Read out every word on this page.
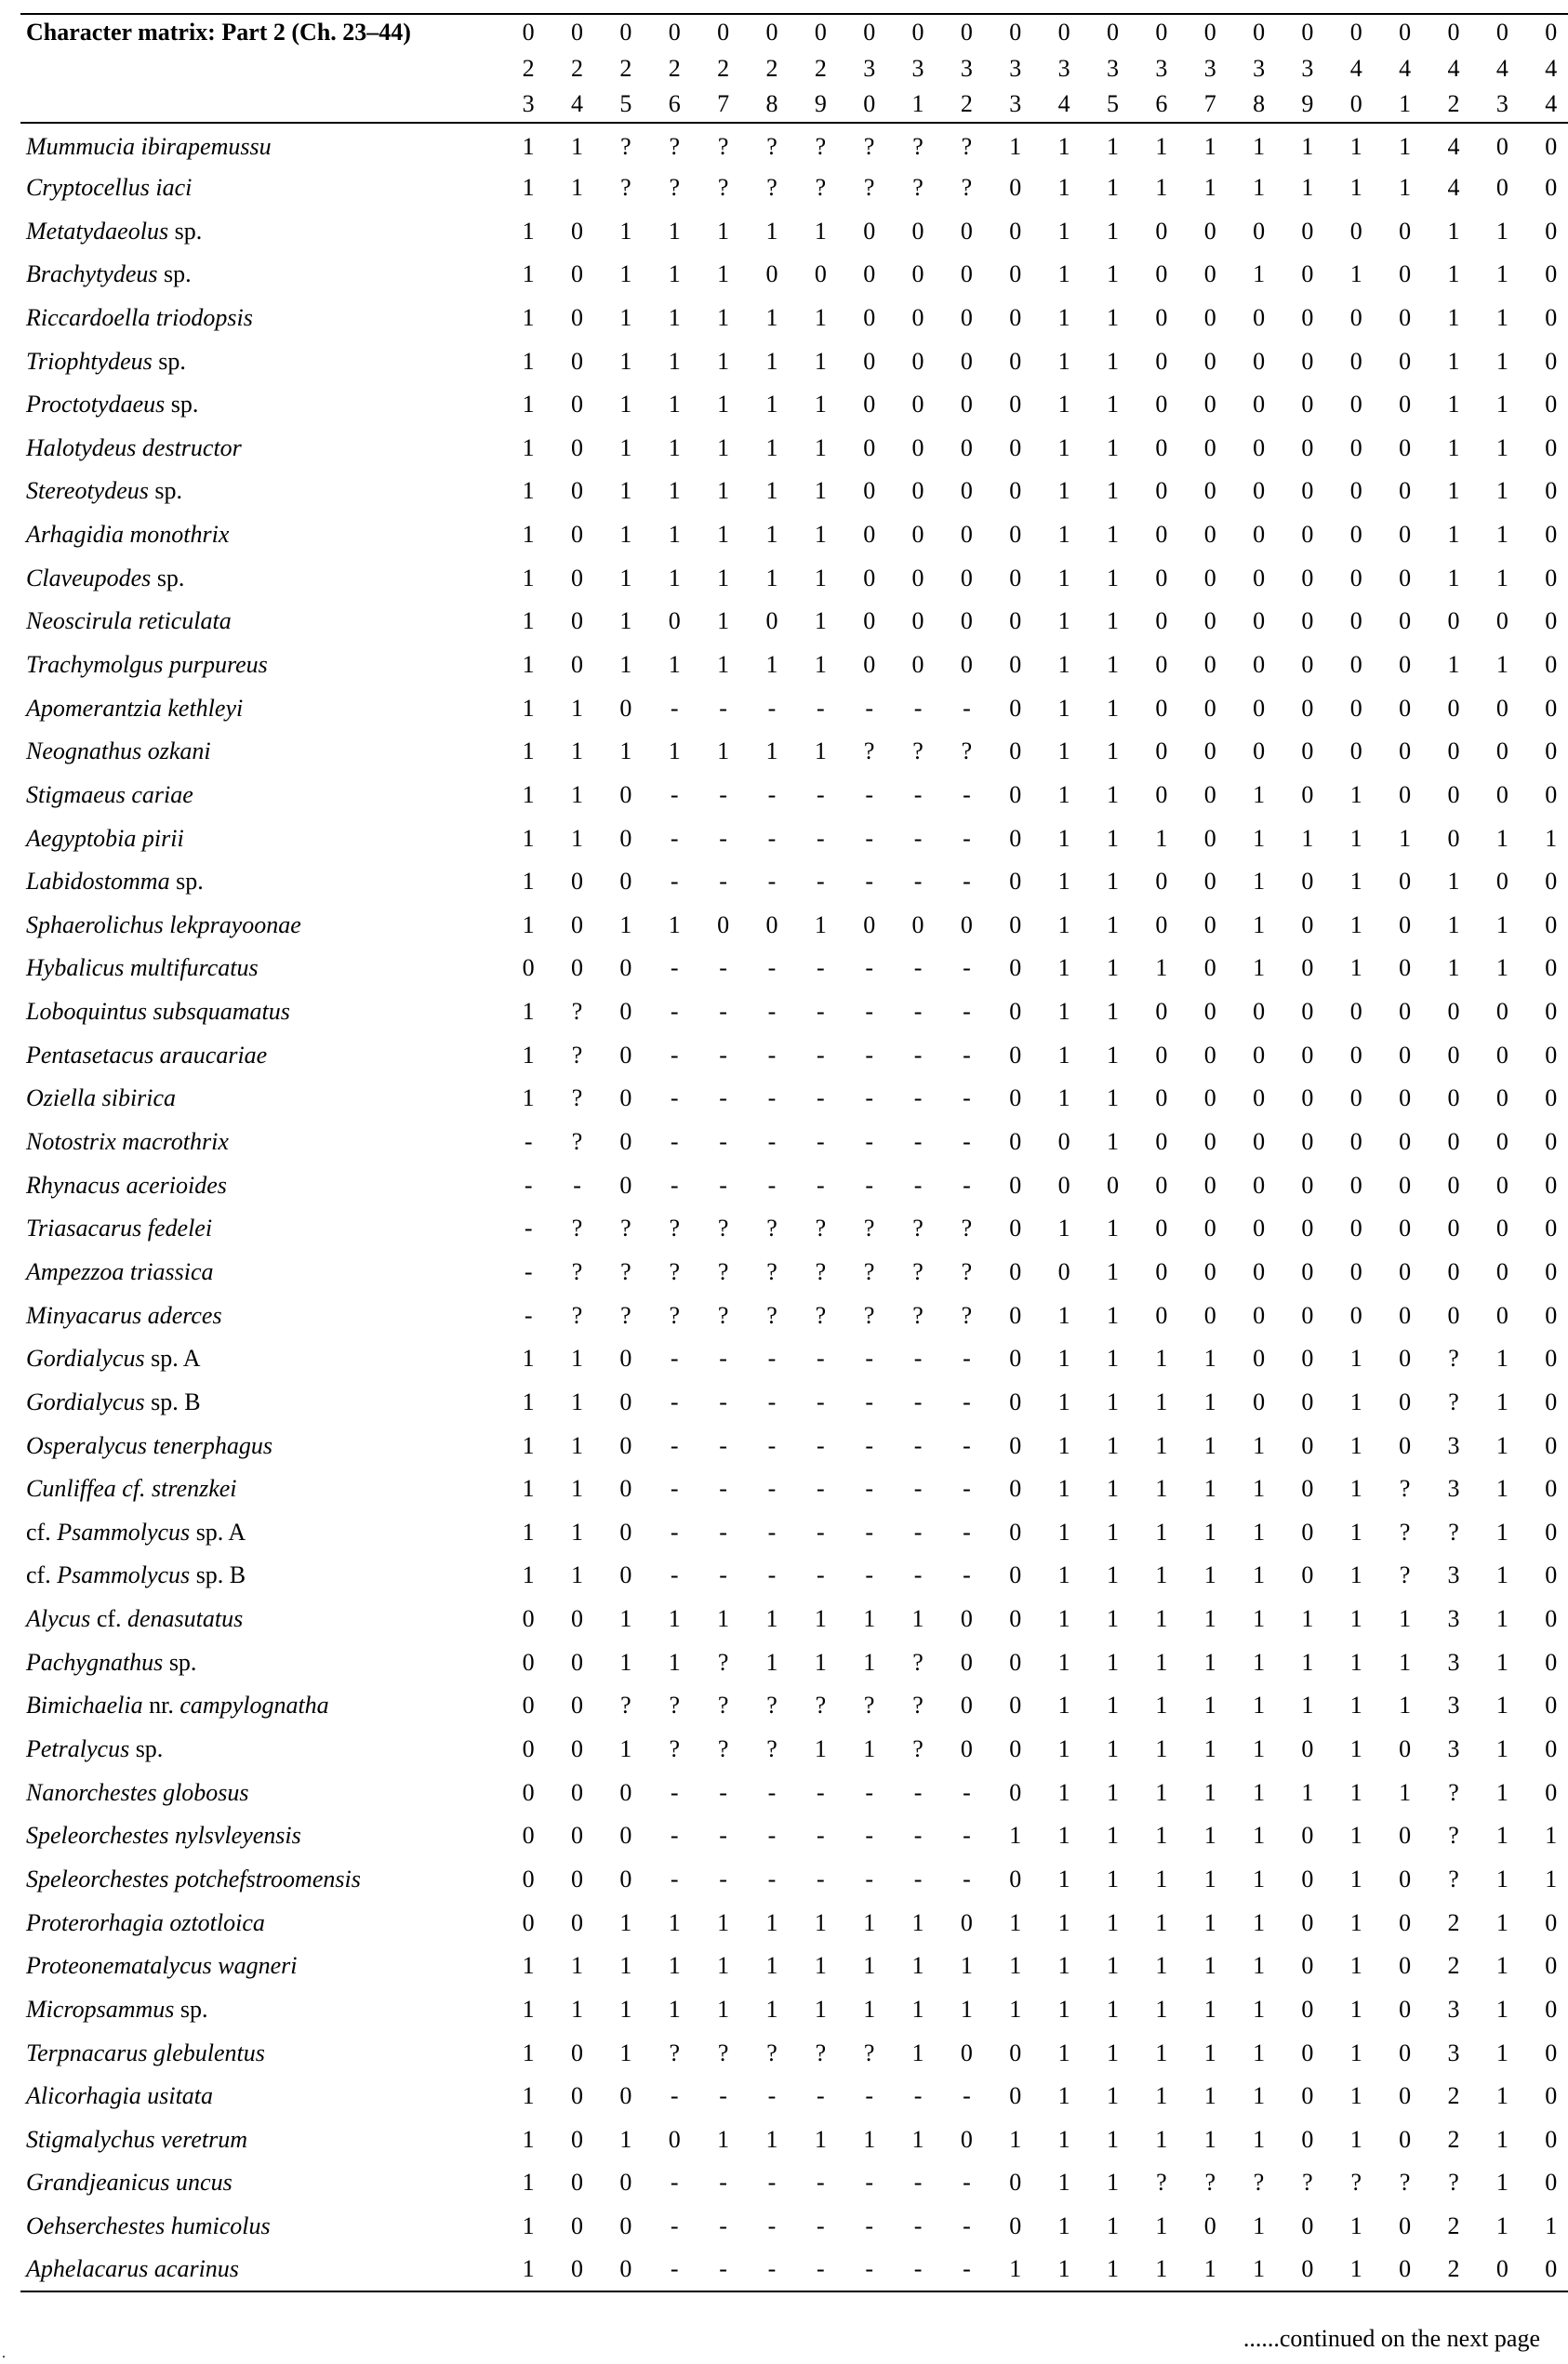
Character matrix: Part 2 (Ch. 23–44)	0	0	0	0	0	0	0	0	0	0	0	0	0	0	0	0	0	0	0	0	0	0
	2	2	2	2	2	2	2	3	3	3	3	3	3	3	3	3	3	4	4	4	4	4
	3	4	5	6	7	8	9	0	1	2	3	4	5	6	7	8	9	0	1	2	3	4
Mummucia ibirapemussu	1	1	?	?	?	?	?	?	?	?	1	1	1	1	1	1	1	1	1	4	0	0
Cryptocellus iaci	1	1	?	?	?	?	?	?	?	?	0	1	1	1	1	1	1	1	1	4	0	0
Metatydaeolus sp.	1	0	1	1	1	1	1	0	0	0	0	1	1	0	0	0	0	0	0	1	1	0
Brachytydeus sp.	1	0	1	1	1	0	0	0	0	0	0	1	1	0	0	1	0	1	0	1	1	0
Riccardoella triodopsis	1	0	1	1	1	1	1	0	0	0	0	1	1	0	0	0	0	0	0	1	1	0
Triophtydeus sp.	1	0	1	1	1	1	1	0	0	0	0	1	1	0	0	0	0	0	0	1	1	0
Proctotydaeus sp.	1	0	1	1	1	1	1	0	0	0	0	1	1	0	0	0	0	0	0	1	1	0
Halotydeus destructor	1	0	1	1	1	1	1	0	0	0	0	1	1	0	0	0	0	0	0	1	1	0
Stereotydeus sp.	1	0	1	1	1	1	1	0	0	0	0	1	1	0	0	0	0	0	0	1	1	0
Arhagidia monothrix	1	0	1	1	1	1	1	0	0	0	0	1	1	0	0	0	0	0	0	1	1	0
Claveupodes sp.	1	0	1	1	1	1	1	0	0	0	0	1	1	0	0	0	0	0	0	1	1	0
Neoscirula reticulata	1	0	1	0	1	0	1	0	0	0	0	1	1	0	0	0	0	0	0	0	0	0
Trachymolgus purpureus	1	0	1	1	1	1	1	0	0	0	0	1	1	0	0	0	0	0	0	1	1	0
Apomerantzia kethleyi	1	1	0	-	-	-	-	-	-	-	0	1	1	0	0	0	0	0	0	0	0	0
Neognathus ozkani	1	1	1	1	1	1	1	?	?	?	0	1	1	0	0	0	0	0	0	0	0	0
Stigmaeus cariae	1	1	0	-	-	-	-	-	-	-	0	1	1	0	0	1	0	1	0	0	0	0
Aegyptobia pirii	1	1	0	-	-	-	-	-	-	-	0	1	1	1	0	1	1	1	1	0	1	1
Labidostomma sp.	1	0	0	-	-	-	-	-	-	-	0	1	1	0	0	1	0	1	0	1	0	0
Sphaerolichus lekprayoonae	1	0	1	1	0	0	1	0	0	0	0	1	1	0	0	1	0	1	0	1	1	0
Hybalicus multifurcatus	0	0	0	-	-	-	-	-	-	-	0	1	1	1	0	1	0	1	0	1	1	0
Loboquintus subsquamatus	1	?	0	-	-	-	-	-	-	-	0	1	1	0	0	0	0	0	0	0	0	0
Pentasetacus araucariae	1	?	0	-	-	-	-	-	-	-	0	1	1	0	0	0	0	0	0	0	0	0
Oziella sibirica	1	?	0	-	-	-	-	-	-	-	0	1	1	0	0	0	0	0	0	0	0	0
Notostrix macrothrix	-	?	0	-	-	-	-	-	-	-	0	0	1	0	0	0	0	0	0	0	0	0
Rhynacus acerioides	-	-	0	-	-	-	-	-	-	-	0	0	0	0	0	0	0	0	0	0	0	0
Triasacarus fedelei	-	?	?	?	?	?	?	?	?	?	0	1	1	0	0	0	0	0	0	0	0	0
Ampezzoa triassica	-	?	?	?	?	?	?	?	?	?	0	0	1	0	0	0	0	0	0	0	0	0
Minyacarus aderces	-	?	?	?	?	?	?	?	?	?	0	1	1	0	0	0	0	0	0	0	0	0
Gordialycus sp. A	1	1	0	-	-	-	-	-	-	-	0	1	1	1	1	0	0	1	0	?	1	0
Gordialycus sp. B	1	1	0	-	-	-	-	-	-	-	0	1	1	1	1	0	0	1	0	?	1	0
Osperalycus tenerphagus	1	1	0	-	-	-	-	-	-	-	0	1	1	1	1	1	0	1	0	3	1	0
Cunliffea cf. strenzkei	1	1	0	-	-	-	-	-	-	-	0	1	1	1	1	1	0	1	?	3	1	0
cf. Psammolycus sp. A	1	1	0	-	-	-	-	-	-	-	0	1	1	1	1	1	0	1	?	?	1	0
cf. Psammolycus sp. B	1	1	0	-	-	-	-	-	-	-	0	1	1	1	1	1	0	1	?	3	1	0
Alycus cf. denasutatus	0	0	1	1	1	1	1	1	1	0	0	1	1	1	1	1	1	1	1	3	1	0
Pachygnathus sp.	0	0	1	1	?	1	1	1	?	0	0	1	1	1	1	1	1	1	1	3	1	0
Bimichaelia nr. campylognatha	0	0	?	?	?	?	?	?	?	0	0	1	1	1	1	1	1	1	1	3	1	0
Petralycus sp.	0	0	1	?	?	?	1	1	?	0	0	1	1	1	1	1	0	1	0	3	1	0
Nanorchestes globosus	0	0	0	-	-	-	-	-	-	-	0	1	1	1	1	1	1	1	1	?	1	0
Speleorchestes nylsvleyensis	0	0	0	-	-	-	-	-	-	-	1	1	1	1	1	1	0	1	0	?	1	1
Speleorchestes potchefstroomensis	0	0	0	-	-	-	-	-	-	-	0	1	1	1	1	1	0	1	0	?	1	1
Proterorhagia oztotloica	0	0	1	1	1	1	1	1	1	0	1	1	1	1	1	1	0	1	0	2	1	0
Proteonematalycus wagneri	1	1	1	1	1	1	1	1	1	1	1	1	1	1	1	1	0	1	0	2	1	0
Micropsammus sp.	1	1	1	1	1	1	1	1	1	1	1	1	1	1	1	1	0	1	0	3	1	0
Terpnacarus glebulentus	1	0	1	?	?	?	?	?	1	0	0	1	1	1	1	1	0	1	0	3	1	0
Alicorhagia usitata	1	0	0	-	-	-	-	-	-	-	0	1	1	1	1	1	0	1	0	2	1	0
Stigmalychus veretrum	1	0	1	0	1	1	1	1	1	0	1	1	1	1	1	1	0	1	0	2	1	0
Grandjeanicus uncus	1	0	0	-	-	-	-	-	-	-	0	1	1	?	?	?	?	?	?	?	1	0
Oehserchestes humicolus	1	0	0	-	-	-	-	-	-	-	0	1	1	1	0	1	0	1	0	2	1	1
Aphelacarus acarinus	1	0	0	-	-	-	-	-	-	-	1	1	1	1	1	1	0	1	0	2	0	0
......continued on the next page
.
